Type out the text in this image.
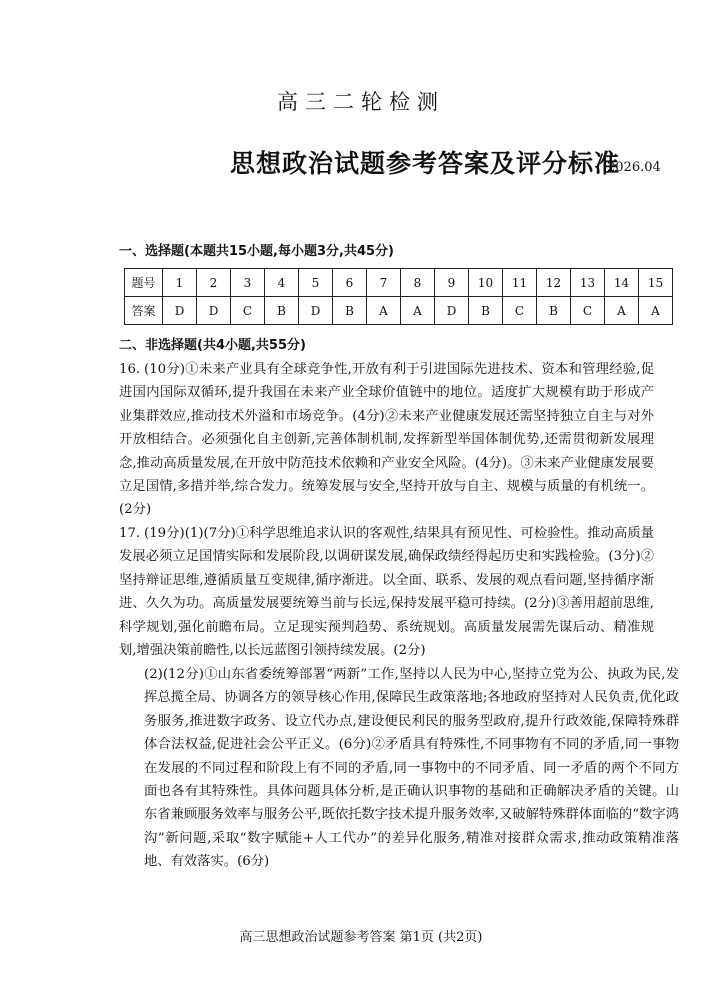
高三二轮检测
思想政治试题参考答案及评分标准
2026.04
一、选择题(本题共15小题,每小题3分,共45分)
题号	1	2	3	4	5	6	7	8	9	10	11	12	13	14	15
答案	D	D	C	B	D	B	A	A	D	B	C	B	C	A	A
二、非选择题(共4小题,共55分)
16. (10分)①未来产业具有全球竞争性,开放有利于引进国际先进技术、资本和管理经验,促进国内国际双循环,提升我国在未来产业全球价值链中的地位。适度扩大规模有助于形成产业集群效应,推动技术外溢和市场竞争。(4分)②未来产业健康发展还需坚持独立自主与对外开放相结合。必须强化自主创新,完善体制机制,发挥新型举国体制优势,还需贯彻新发展理念,推动高质量发展,在开放中防范技术依赖和产业安全风险。(4分)。③未来产业健康发展要立足国情,多措并举,综合发力。统筹发展与安全,坚持开放与自主、规模与质量的有机统一。(2分)
17. (19分)(1)(7分)①科学思维追求认识的客观性,结果具有预见性、可检验性。推动高质量发展必须立足国情实际和发展阶段,以调研谋发展,确保政绩经得起历史和实践检验。(3分)②坚持辩证思维,遵循质量互变规律,循序渐进。以全面、联系、发展的观点看问题,坚持循序渐进、久久为功。高质量发展要统筹当前与长远,保持发展平稳可持续。(2分)③善用超前思维,科学规划,强化前瞻布局。立足现实预判趋势、系统规划。高质量发展需先谋后动、精准规划,增强决策前瞻性,以长远蓝图引领持续发展。(2分)
(2)(12分)①山东省委统筹部署“两新”工作,坚持以人民为中心,坚持立党为公、执政为民,发挥总揽全局、协调各方的领导核心作用,保障民生政策落地;各地政府坚持对人民负责,优化政务服务,推进数字政务、设立代办点,建设便民利民的服务型政府,提升行政效能,保障特殊群体合法权益,促进社会公平正义。(6分)②矛盾具有特殊性,不同事物有不同的矛盾,同一事物在发展的不同过程和阶段上有不同的矛盾,同一事物中的不同矛盾、同一矛盾的两个不同方面也各有其特殊性。具体问题具体分析,是正确认识事物的基础和正确解决矛盾的关键。山东省兼顾服务效率与服务公平,既依托数字技术提升服务效率,又破解特殊群体面临的“数字鸿沟”新问题,采取“数字赋能+人工代办”的差异化服务,精准对接群众需求,推动政策精准落地、有效落实。(6分)
高三思想政治试题参考答案 第1页 (共2页)
